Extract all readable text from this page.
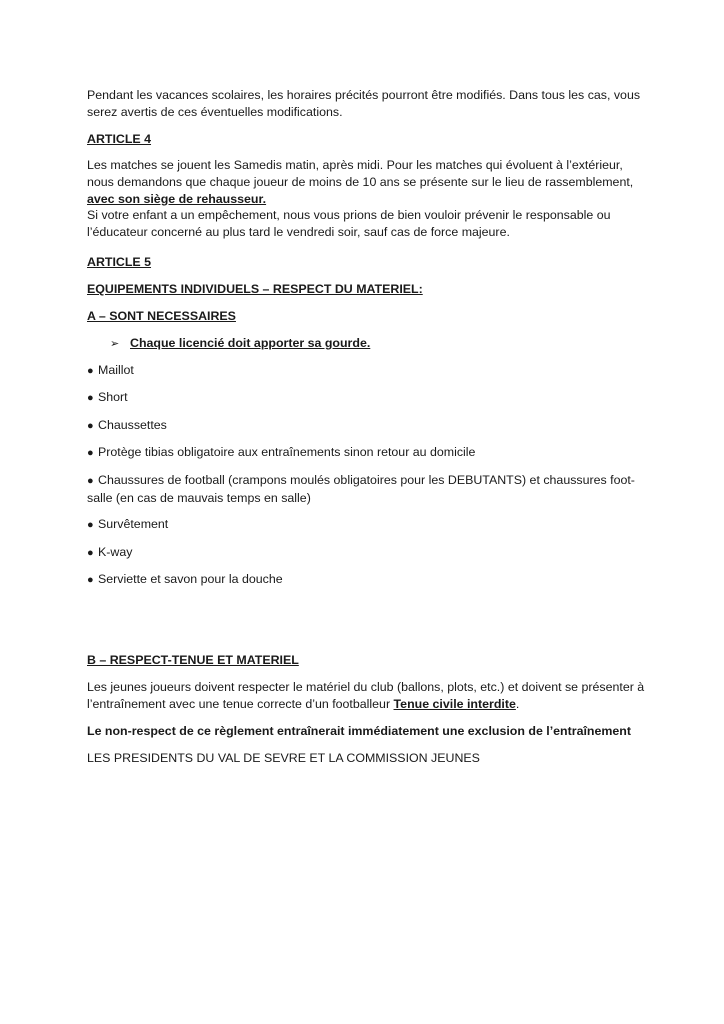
Pendant les vacances scolaires, les horaires précités pourront être modifiés. Dans tous les cas, vous serez avertis de ces éventuelles modifications.

ARTICLE 4

Les matches se jouent les Samedis matin, après midi. Pour les matches qui évoluent à l’extérieur, nous demandons que chaque joueur de moins de 10 ans se présente sur le lieu de rassemblement, avec son siège de rehausseur.
Si votre enfant a un empêchement, nous vous prions de bien vouloir prévenir le responsable ou l’éducateur concerné au plus tard le vendredi soir, sauf cas de force majeure.

ARTICLE 5

EQUIPEMENTS INDIVIDUELS – RESPECT DU MATERIEL:

A – SONT NECESSAIRES

➢ Chaque licencié doit apporter sa gourde.

● Maillot

● Short

● Chaussettes

● Protège tibias obligatoire aux entraînements sinon retour au domicile

● Chaussures de football (crampons moulés obligatoires pour les DEBUTANTS) et chaussures foot-salle (en cas de mauvais temps en salle)

● Survêtement

● K-way

● Serviette et savon pour la douche

B – RESPECT-TENUE ET MATERIEL

Les jeunes joueurs doivent respecter le matériel du club (ballons, plots, etc.) et doivent se présenter à l’entraînement avec une tenue correcte d’un footballeur Tenue civile interdite.

Le non-respect de ce règlement entraînerait immédiatement une exclusion de l’entraînement

LES PRESIDENTS DU VAL DE SEVRE ET LA COMMISSION JEUNES
